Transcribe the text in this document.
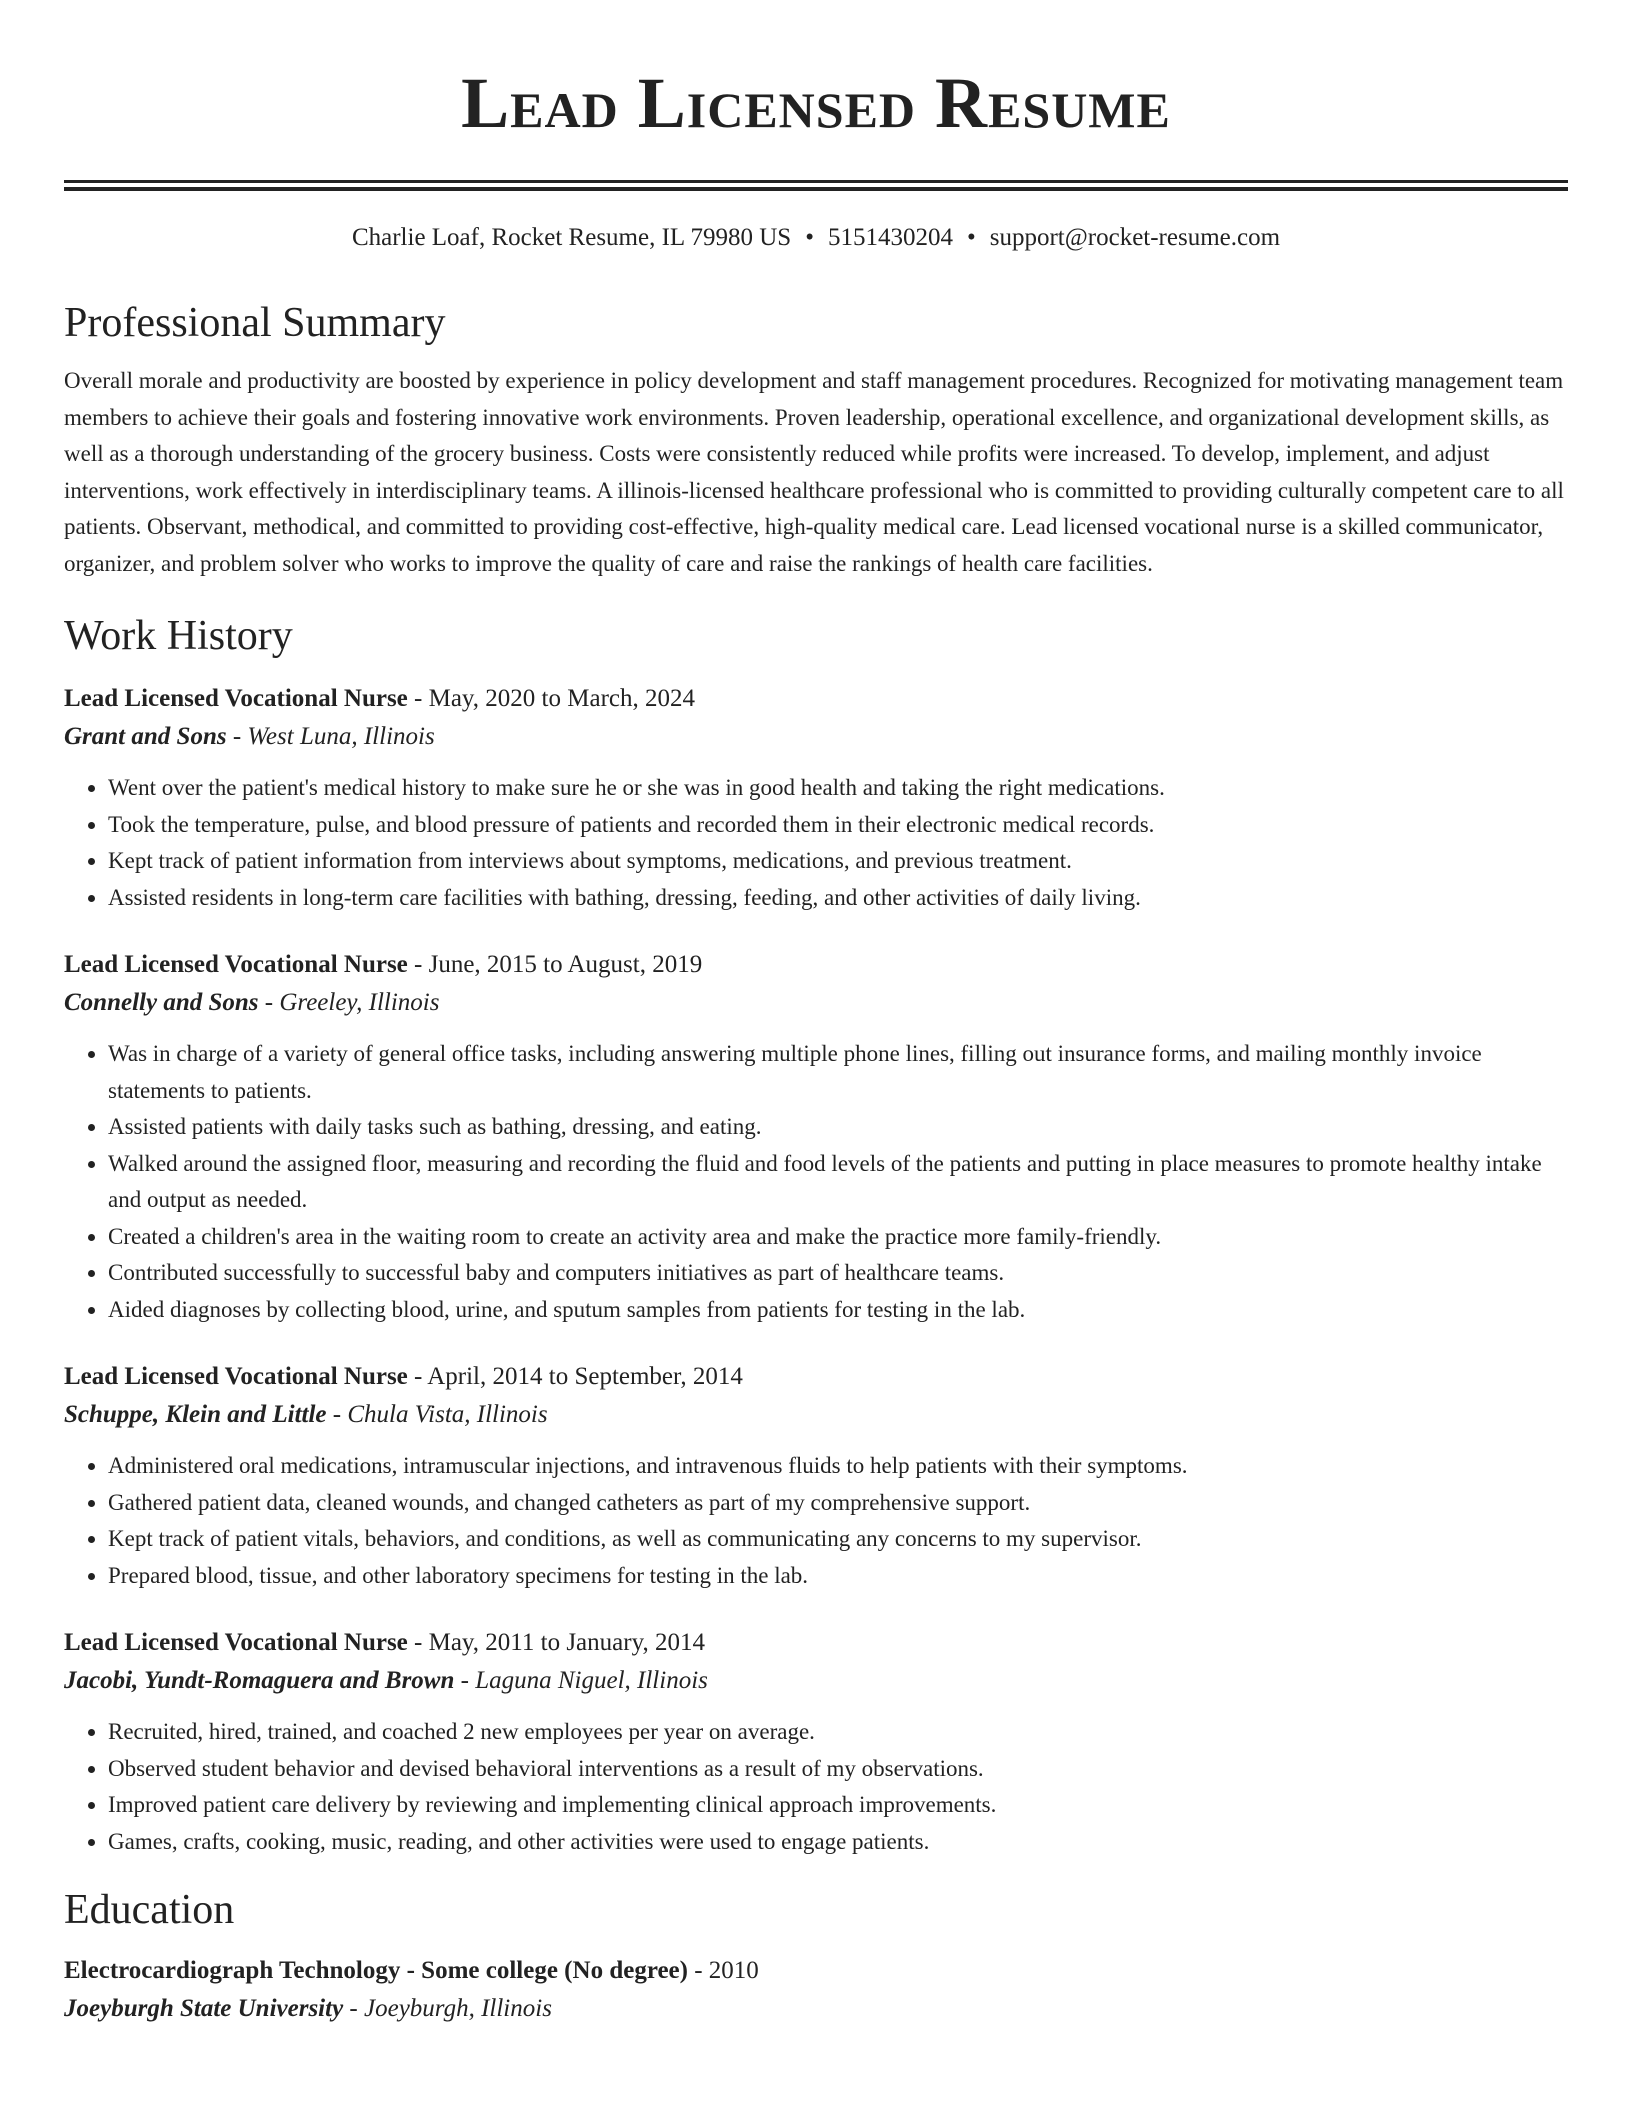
Lead Licensed Resume
Charlie Loaf, Rocket Resume, IL 79980 US • 5151430204 • support@rocket-resume.com
Professional Summary

Overall morale and productivity are boosted by experience in policy development and staff management procedures. Recognized for motivating management team members to achieve their goals and fostering innovative work environments. Proven leadership, operational excellence, and organizational development skills, as well as a thorough understanding of the grocery business. Costs were consistently reduced while profits were increased. To develop, implement, and adjust interventions, work effectively in interdisciplinary teams. A illinois-licensed healthcare professional who is committed to providing culturally competent care to all patients. Observant, methodical, and committed to providing cost-effective, high-quality medical care. Lead licensed vocational nurse is a skilled communicator, organizer, and problem solver who works to improve the quality of care and raise the rankings of health care facilities.

Work History
Lead Licensed Vocational Nurse - May, 2020 to March, 2024
Grant and Sons - West Luna, Illinois
• Went over the patient's medical history to make sure he or she was in good health and taking the right medications.
• Took the temperature, pulse, and blood pressure of patients and recorded them in their electronic medical records.
• Kept track of patient information from interviews about symptoms, medications, and previous treatment.
• Assisted residents in long-term care facilities with bathing, dressing, feeding, and other activities of daily living.
Lead Licensed Vocational Nurse - June, 2015 to August, 2019
Connelly and Sons - Greeley, Illinois
• Was in charge of a variety of general office tasks, including answering multiple phone lines, filling out insurance forms, and mailing monthly invoice statements to patients.
• Assisted patients with daily tasks such as bathing, dressing, and eating.
• Walked around the assigned floor, measuring and recording the fluid and food levels of the patients and putting in place measures to promote healthy intake and output as needed.
• Created a children's area in the waiting room to create an activity area and make the practice more family-friendly.
• Contributed successfully to successful baby and computers initiatives as part of healthcare teams.
• Aided diagnoses by collecting blood, urine, and sputum samples from patients for testing in the lab.
Lead Licensed Vocational Nurse - April, 2014 to September, 2014
Schuppe, Klein and Little - Chula Vista, Illinois
• Administered oral medications, intramuscular injections, and intravenous fluids to help patients with their symptoms.
• Gathered patient data, cleaned wounds, and changed catheters as part of my comprehensive support.
• Kept track of patient vitals, behaviors, and conditions, as well as communicating any concerns to my supervisor.
• Prepared blood, tissue, and other laboratory specimens for testing in the lab.
Lead Licensed Vocational Nurse - May, 2011 to January, 2014
Jacobi, Yundt-Romaguera and Brown - Laguna Niguel, Illinois
• Recruited, hired, trained, and coached 2 new employees per year on average.
• Observed student behavior and devised behavioral interventions as a result of my observations.
• Improved patient care delivery by reviewing and implementing clinical approach improvements.
• Games, crafts, cooking, music, reading, and other activities were used to engage patients.
Education
Electrocardiograph Technology - Some college (No degree) - 2010
Joeyburgh State University - Joeyburgh, Illinois
